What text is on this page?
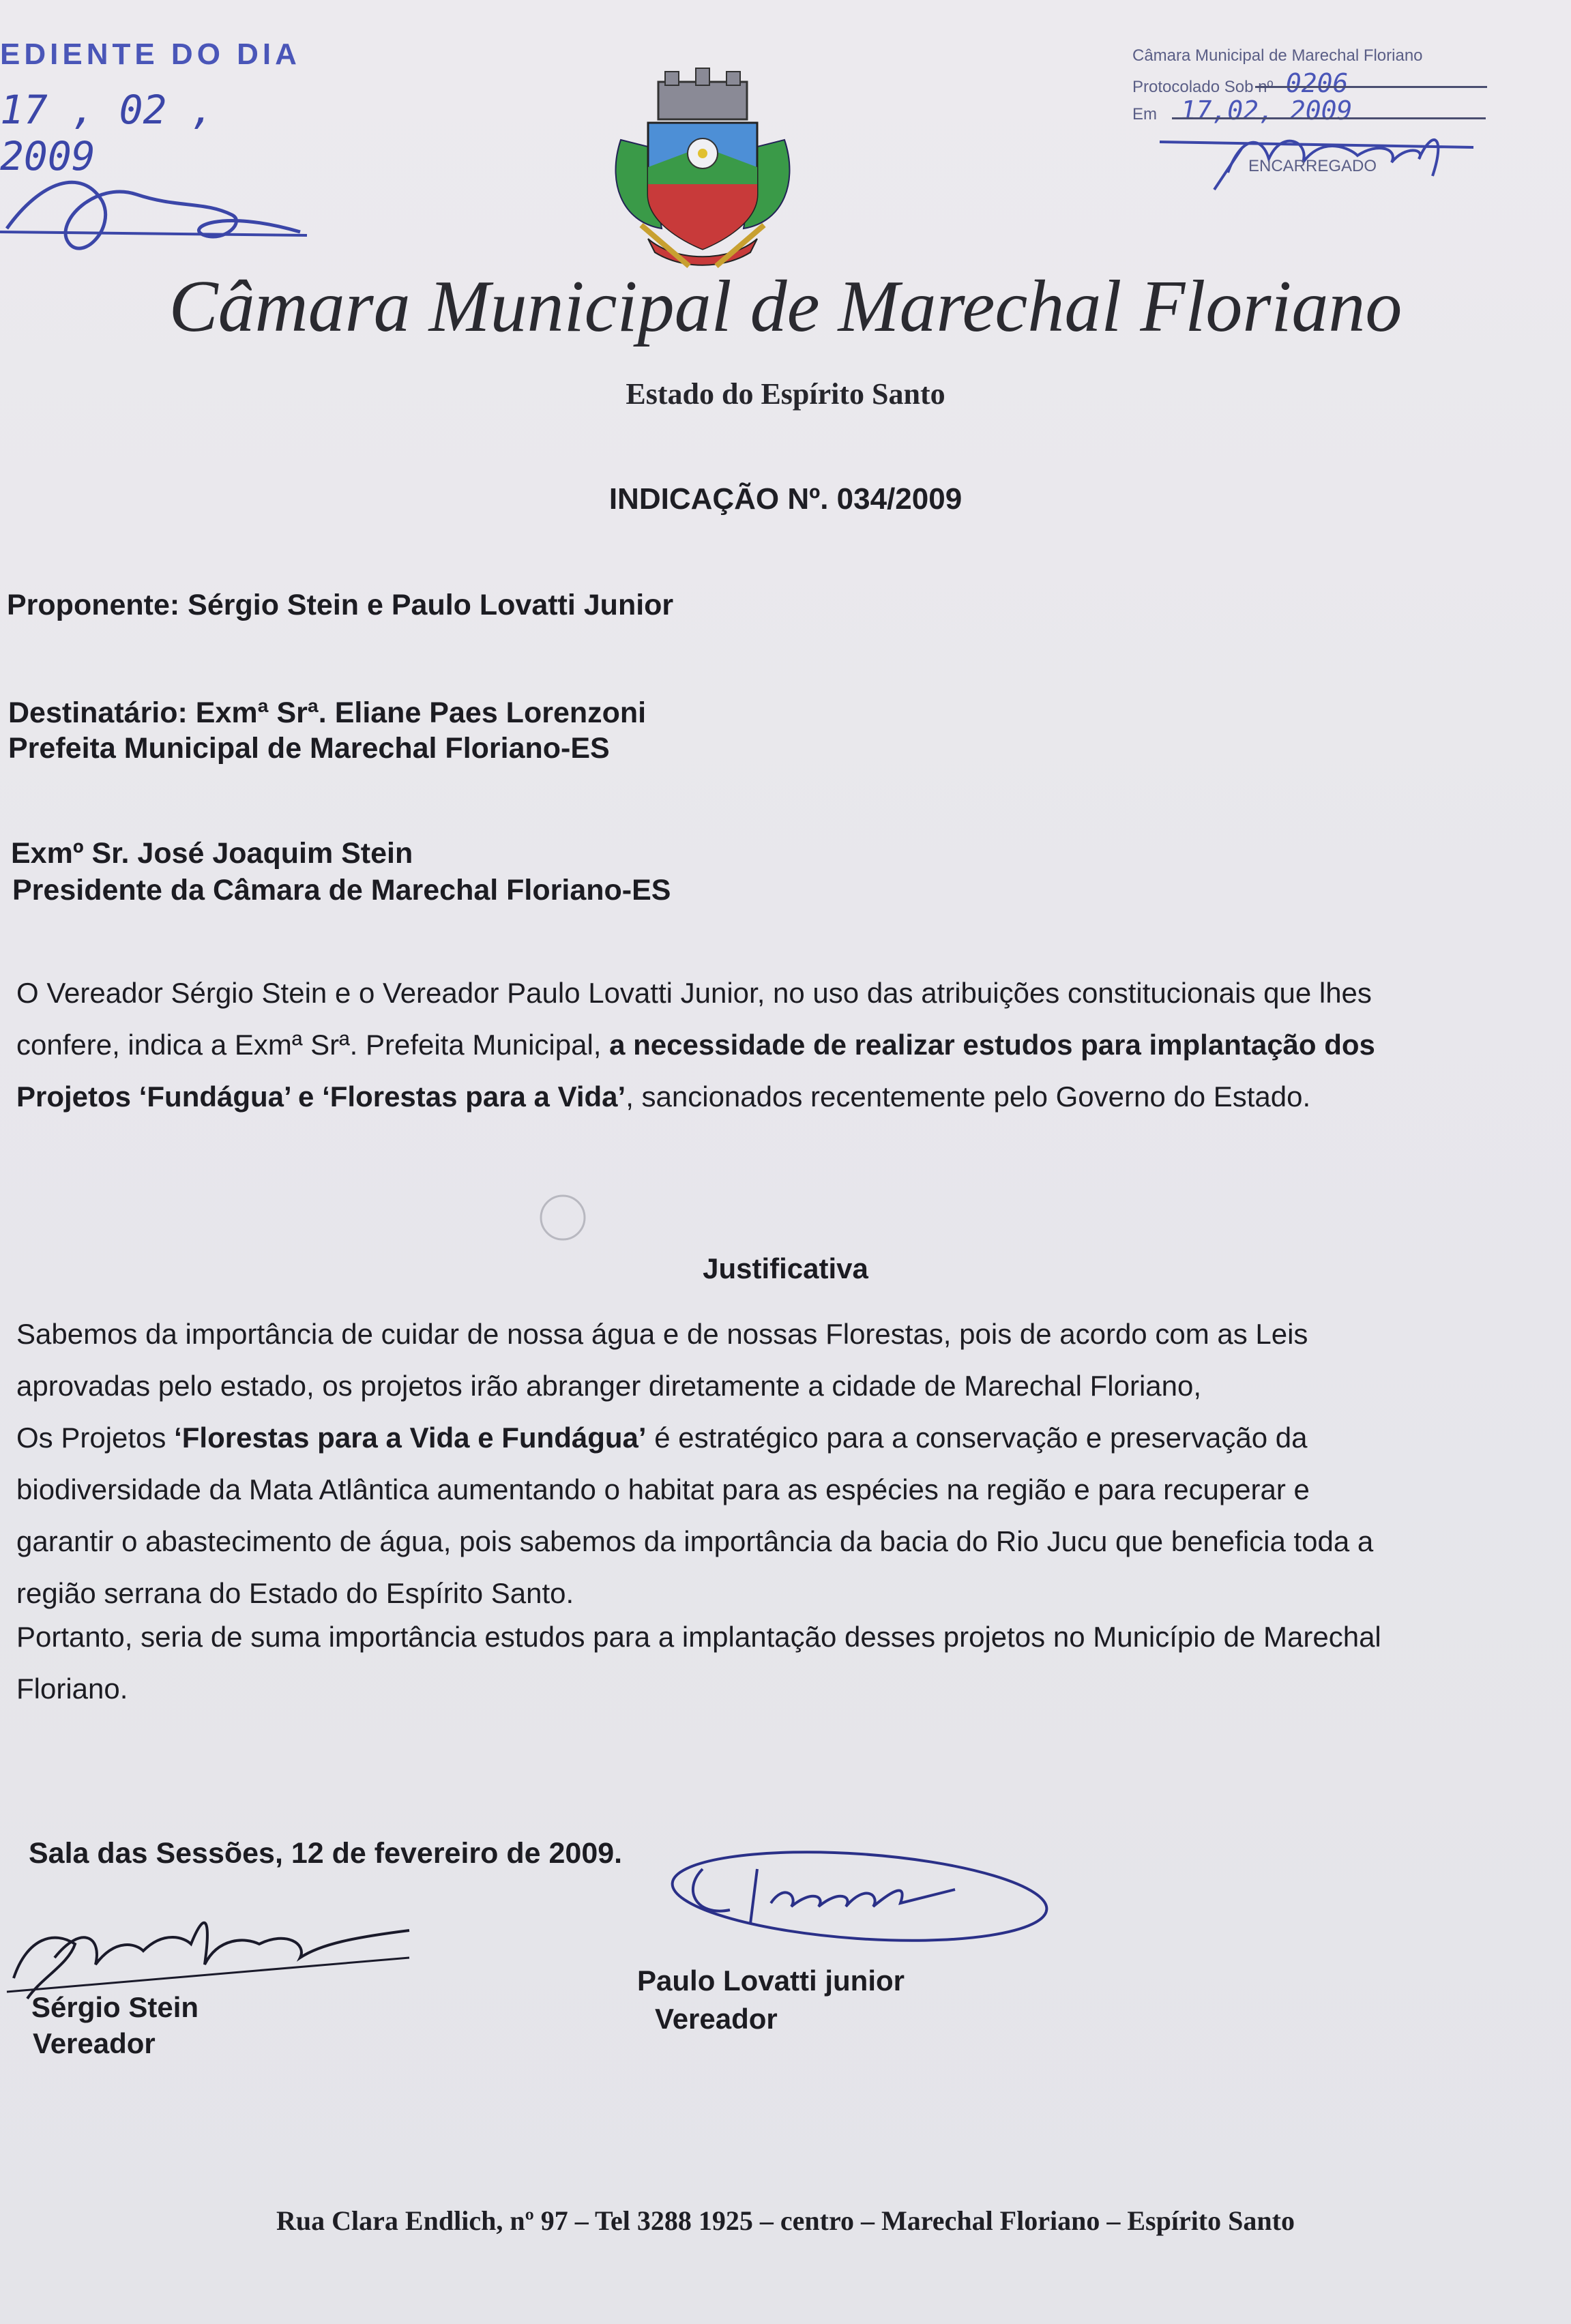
EDIENTE DO DIA
17 , 02 , 2009
Câmara Municipal de Marechal Floriano
Protocolado Sob nº 0206
Em 17,02, 2009
ENCARREGADO
Câmara Municipal de Marechal Floriano
Estado do Espírito Santo
INDICAÇÃO Nº. 034/2009
Proponente: Sérgio Stein e Paulo Lovatti Junior
Destinatário: Exmª Srª. Eliane Paes Lorenzoni
Prefeita Municipal de Marechal Floriano-ES
Exmº Sr. José Joaquim Stein
Presidente da Câmara de Marechal Floriano-ES
O Vereador Sérgio Stein e o Vereador Paulo Lovatti Junior, no uso das atribuições constitucionais que lhes confere, indica a Exmª Srª. Prefeita Municipal, a necessidade de realizar estudos para implantação dos Projetos ‘Fundágua’ e ‘Florestas para a Vida’, sancionados recentemente pelo Governo do Estado.
Justificativa
Sabemos da importância de cuidar de nossa água e de nossas Florestas, pois de acordo com as Leis aprovadas pelo estado, os projetos irão abranger diretamente a cidade de Marechal Floriano,
Os Projetos ‘Florestas para a Vida e Fundágua’ é estratégico para a conservação e preservação da biodiversidade da Mata Atlântica aumentando o habitat para as espécies na região e para recuperar e garantir o abastecimento de água, pois sabemos da importância da bacia do Rio Jucu que beneficia toda a região serrana do Estado do Espírito Santo.
Portanto, seria de suma importância estudos para a implantação desses projetos no Município de Marechal Floriano.
Sala das Sessões, 12 de fevereiro de 2009.
Sérgio Stein
Vereador
Paulo Lovatti junior
Vereador
Rua Clara Endlich, nº 97 – Tel 3288 1925 – centro – Marechal Floriano – Espírito Santo
